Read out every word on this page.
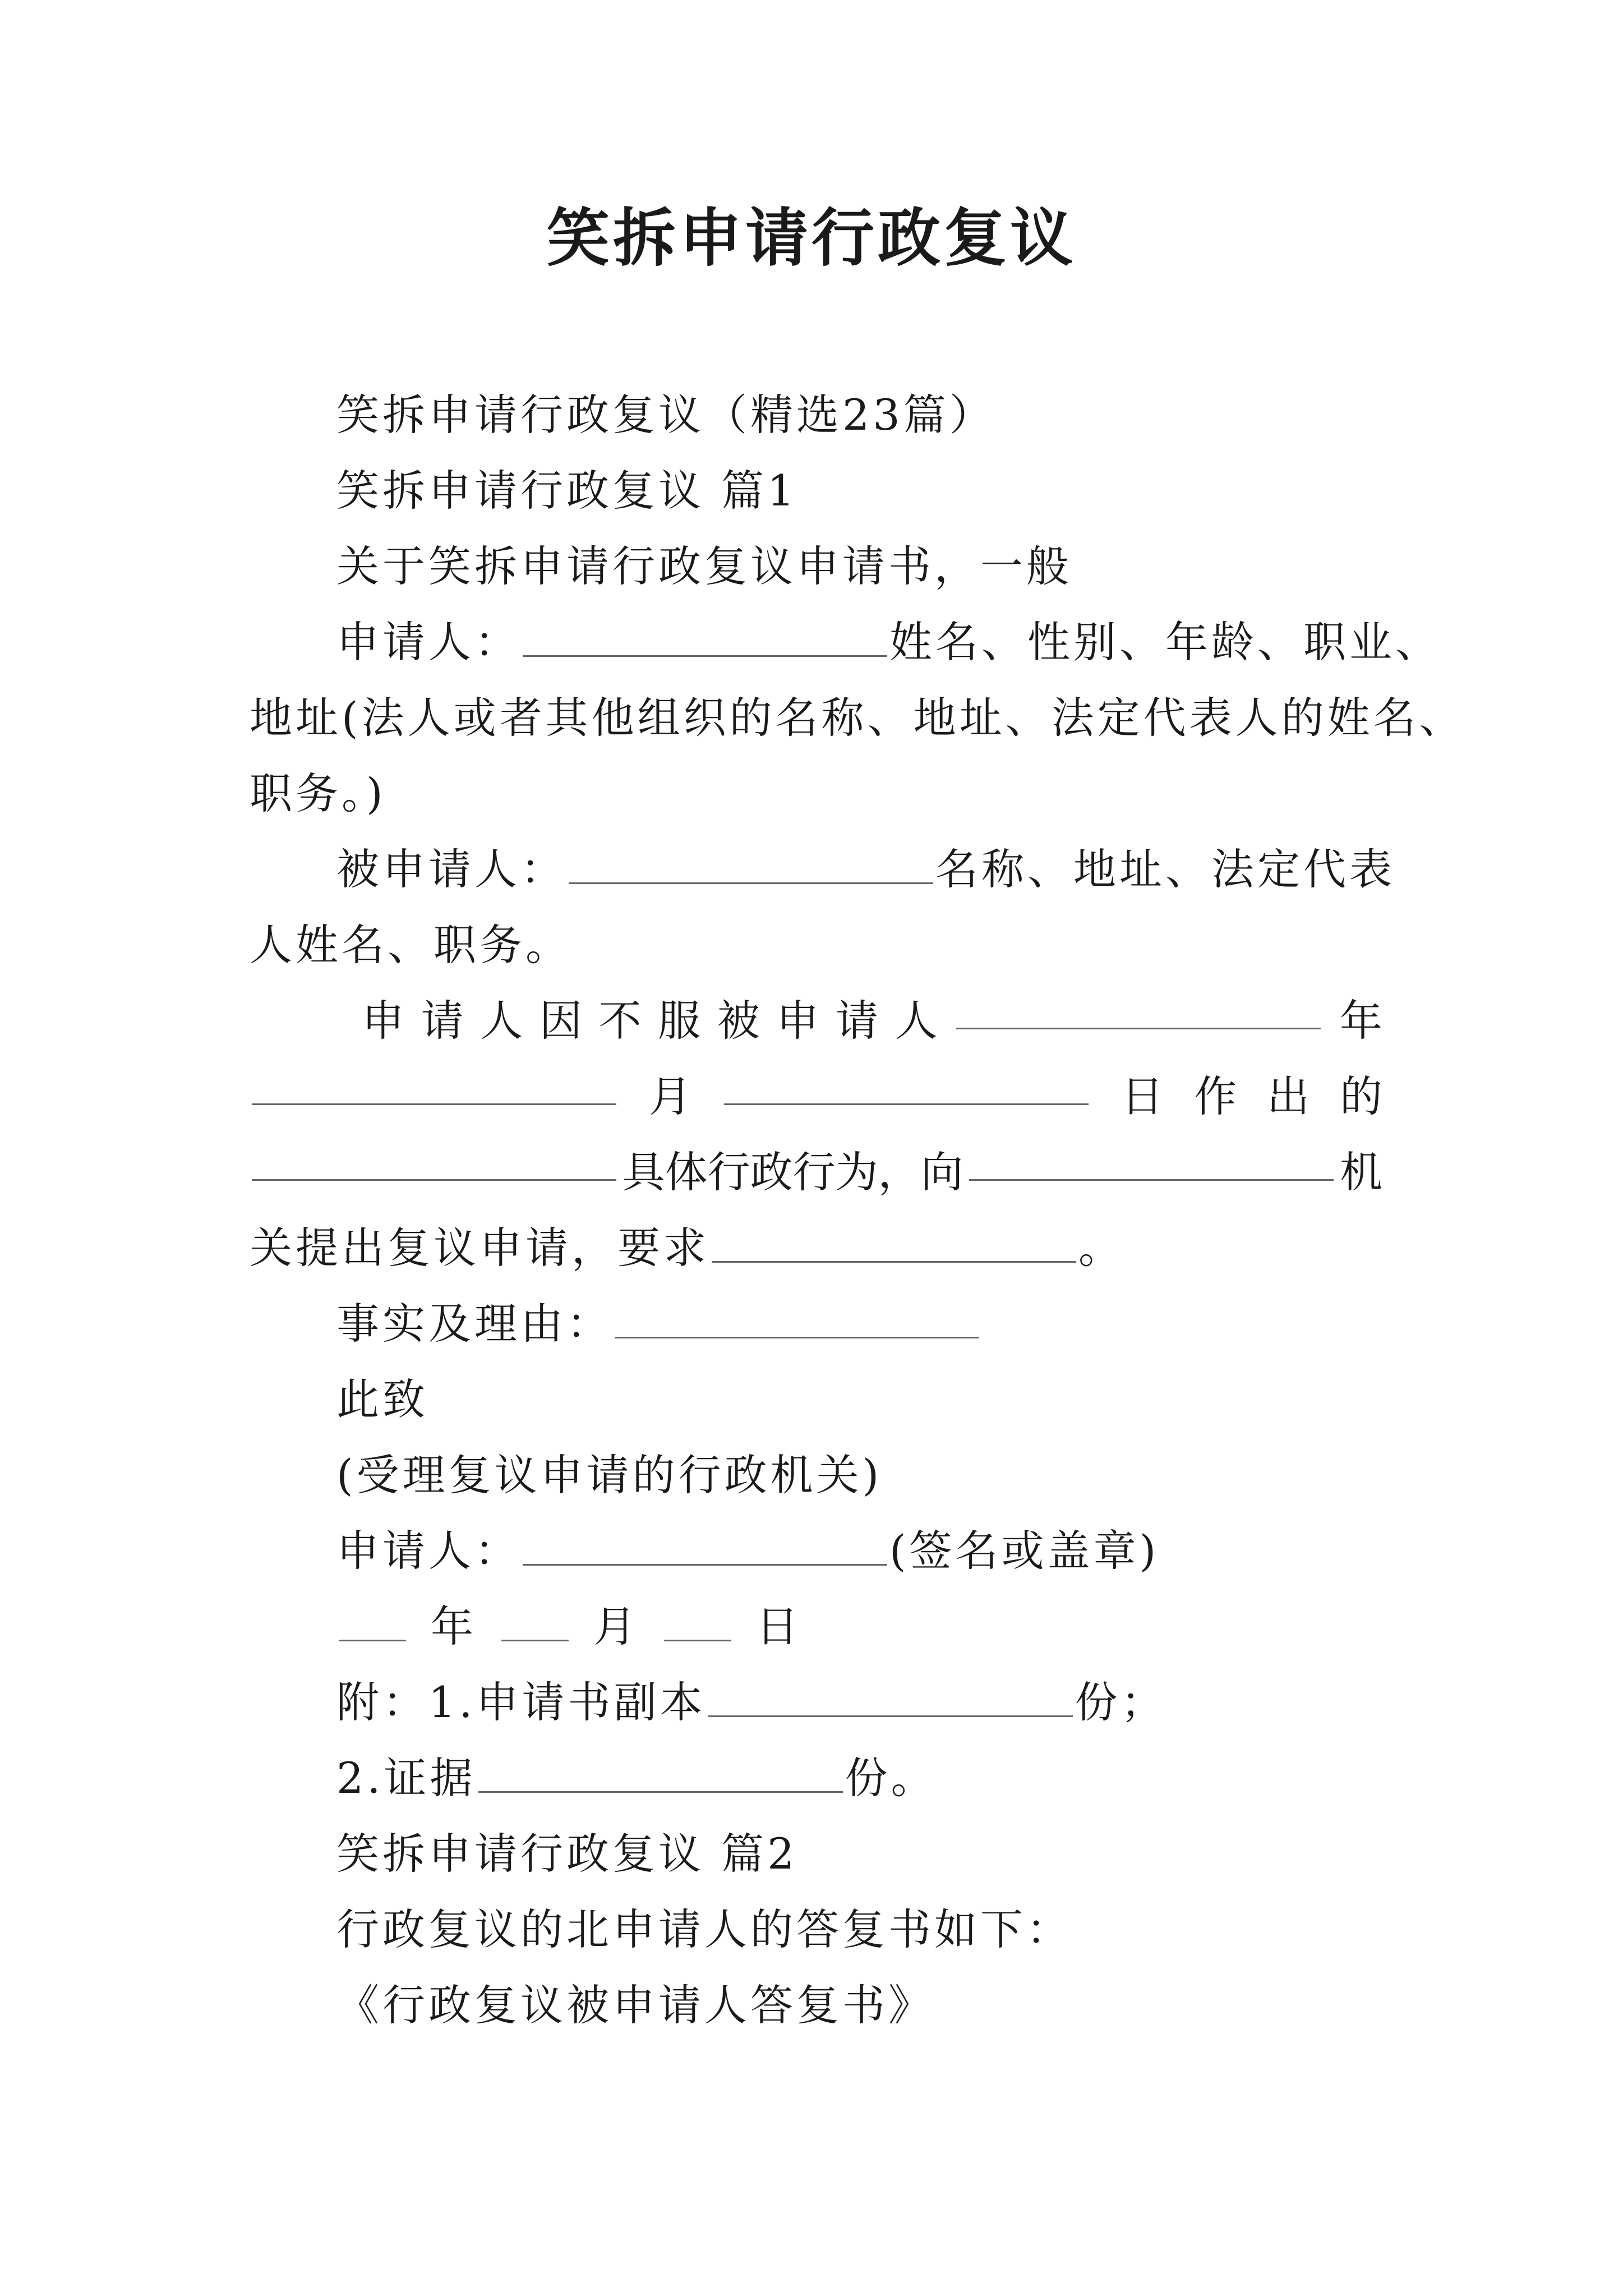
笑拆申请行政复议
笑拆申请行政复议（精选23篇）
笑拆申请行政复议 篇1
关于笑拆申请行政复议申请书，一般
申请人：	姓名、性别、年龄、职业、
地址(法人或者其他组织的名称、地址、法定代表人的姓名、
职务。)
被申请人：	名称、地址、法定代表
人姓名、职务。
申 请 人 因 不 服 被 申 请 人	年
月	日 作 出 的
具体行政行为，向	机
关提出复议申请，要求	。
事实及理由：
此致
(受理复议申请的行政机关)
申请人：	(签名或盖章)
年	月	日
附：1.申请书副本	份；
2.证据	份。
笑拆申请行政复议 篇2
行政复议的北申请人的答复书如下：
《行政复议被申请人答复书》
